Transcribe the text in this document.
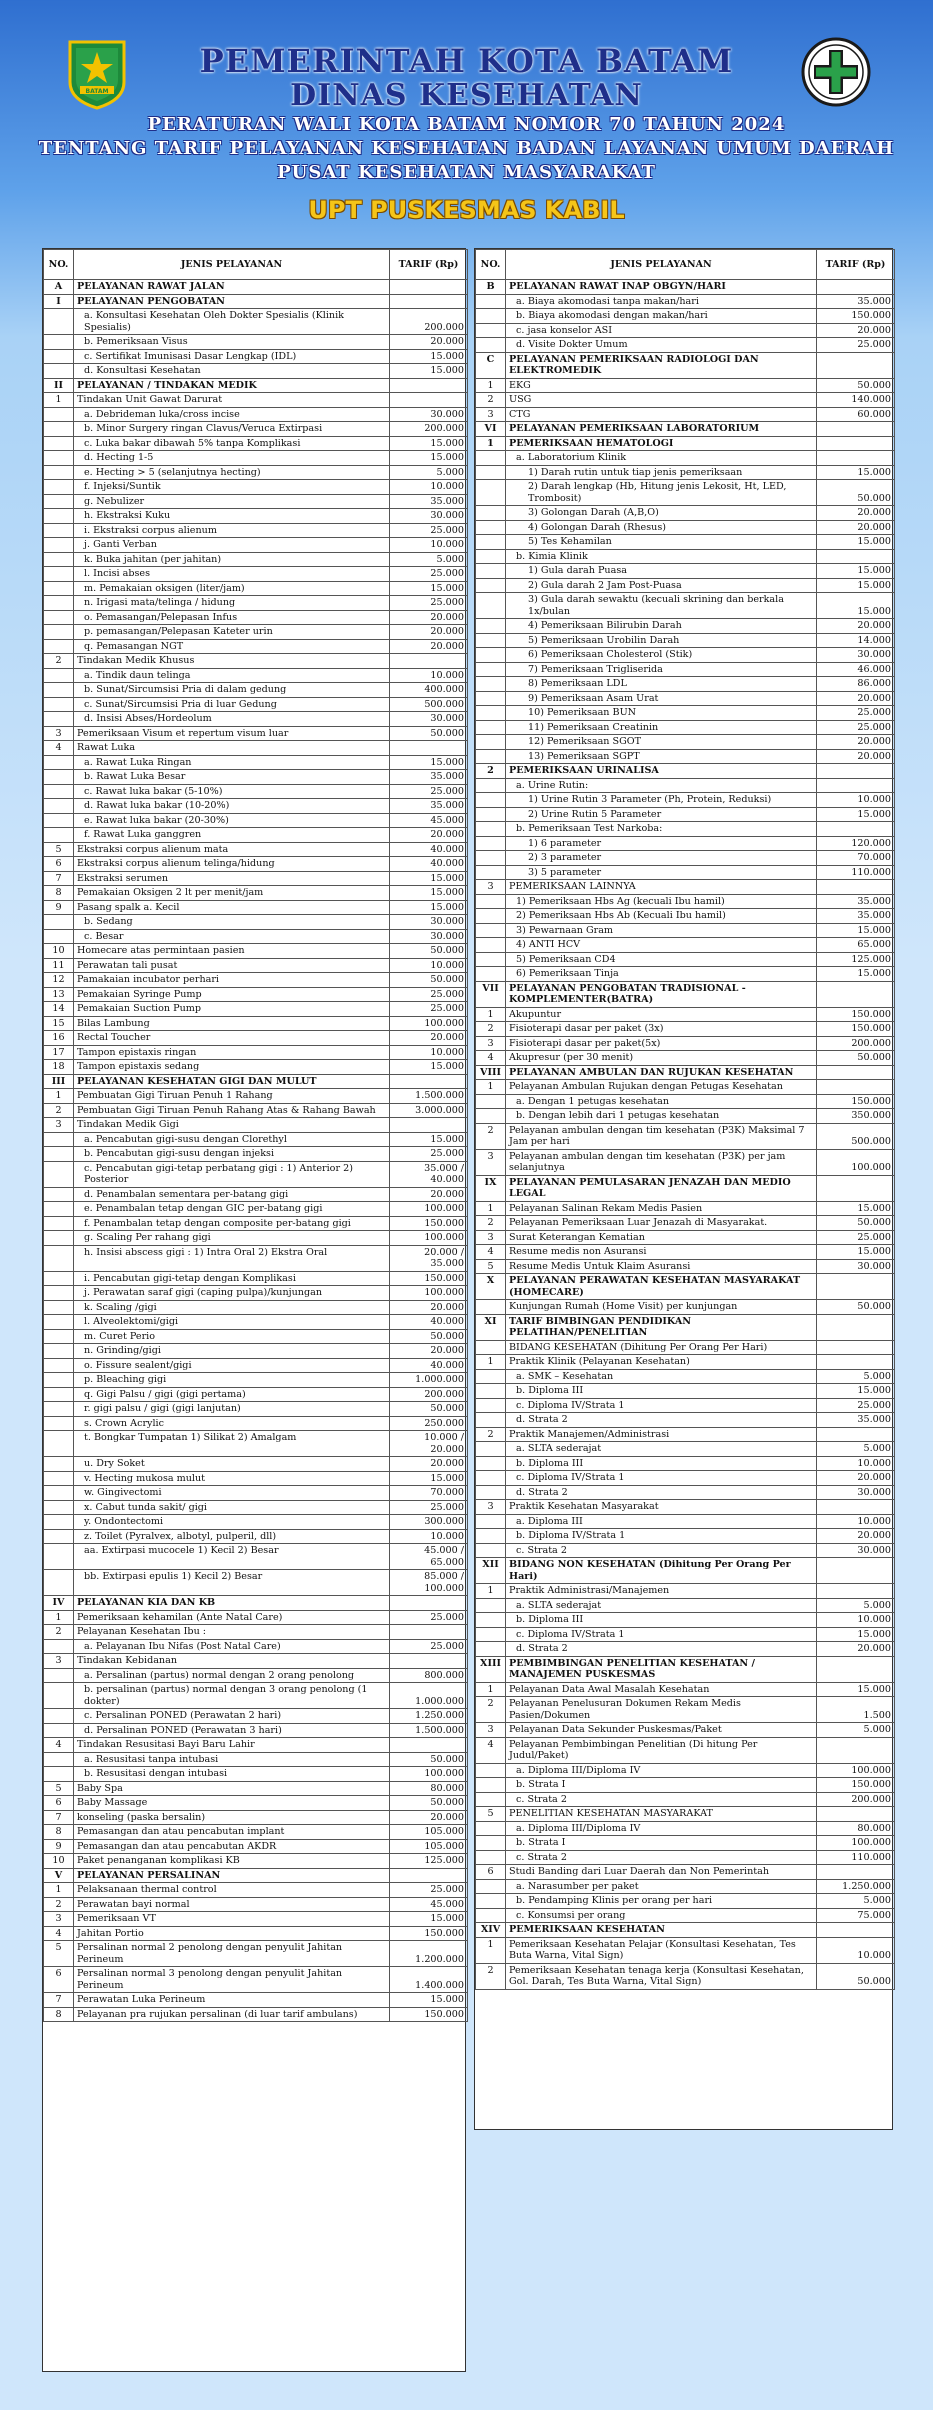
BATAM
PEMERINTAH KOTA BATAM
DINAS KESEHATAN
PERATURAN WALI KOTA BATAM NOMOR 70 TAHUN 2024
TENTANG TARIF PELAYANAN KESEHATAN BADAN LAYANAN UMUM DAERAH
PUSAT KESEHATAN MASYARAKAT
UPT PUSKESMAS KABIL
NO.	JENIS PELAYANAN	TARIF (Rp)
A	PELAYANAN RAWAT JALAN	
I	PELAYANAN PENGOBATAN	
	a. Konsultasi Kesehatan Oleh Dokter Spesialis (Klinik Spesialis)	200.000
	b. Pemeriksaan Visus	20.000
	c. Sertifikat Imunisasi Dasar Lengkap (IDL)	15.000
	d. Konsultasi Kesehatan	15.000
II	PELAYANAN / TINDAKAN MEDIK	
1	Tindakan Unit Gawat Darurat	
	a. Debrideman luka/cross incise	30.000
	b. Minor Surgery ringan Clavus/Veruca Extirpasi	200.000
	c. Luka bakar dibawah 5% tanpa Komplikasi	15.000
	d. Hecting 1-5	15.000
	e. Hecting > 5 (selanjutnya hecting)	5.000
	f. Injeksi/Suntik	10.000
	g. Nebulizer	35.000
	h. Ekstraksi Kuku	30.000
	i. Ekstraksi corpus alienum	25.000
	j. Ganti Verban	10.000
	k. Buka jahitan (per jahitan)	5.000
	l. Incisi abses	25.000
	m. Pemakaian oksigen (liter/jam)	15.000
	n. Irigasi mata/telinga / hidung	25.000
	o. Pemasangan/Pelepasan Infus	20.000
	p. pemasangan/Pelepasan Kateter urin	20.000
	q. Pemasangan NGT	20.000
2	Tindakan Medik Khusus	
	a. Tindik daun telinga	10.000
	b. Sunat/Sircumsisi Pria di dalam gedung	400.000
	c. Sunat/Sircumsisi Pria di luar Gedung	500.000
	d. Insisi Abses/Hordeolum	30.000
3	Pemeriksaan Visum et repertum visum luar	50.000
4	Rawat Luka	
	a. Rawat Luka Ringan	15.000
	b. Rawat Luka Besar	35.000
	c. Rawat luka bakar (5-10%)	25.000
	d. Rawat luka bakar (10-20%)	35.000
	e. Rawat luka bakar (20-30%)	45.000
	f. Rawat Luka ganggren	20.000
5	Ekstraksi corpus alienum mata	40.000
6	Ekstraksi corpus alienum telinga/hidung	40.000
7	Ekstraksi serumen	15.000
8	Pemakaian Oksigen 2 lt per menit/jam	15.000
9	Pasang spalk a. Kecil	15.000
	b. Sedang	30.000
	c. Besar	30.000
10	Homecare atas permintaan pasien	50.000
11	Perawatan tali pusat	10.000
12	Pamakaian incubator perhari	50.000
13	Pemakaian Syringe Pump	25.000
14	Pemakaian Suction Pump	25.000
15	Bilas Lambung	100.000
16	Rectal Toucher	20.000
17	Tampon epistaxis ringan	10.000
18	Tampon epistaxis sedang	15.000
III	PELAYANAN KESEHATAN GIGI DAN MULUT	
1	Pembuatan Gigi Tiruan Penuh 1 Rahang	1.500.000
2	Pembuatan Gigi Tiruan Penuh Rahang Atas & Rahang Bawah	3.000.000
3	Tindakan Medik Gigi	
	a. Pencabutan gigi-susu dengan Clorethyl	15.000
	b. Pencabutan gigi-susu dengan injeksi	25.000
	c. Pencabutan gigi-tetap perbatang gigi : 1) Anterior 2) Posterior	35.000 / 40.000
	d. Penambalan sementara per-batang gigi	20.000
	e. Penambalan tetap dengan GIC per-batang gigi	100.000
	f. Penambalan tetap dengan composite per-batang gigi	150.000
	g. Scaling Per rahang gigi	100.000
	h. Insisi abscess gigi : 1) Intra Oral 2) Ekstra Oral	20.000 / 35.000
	i. Pencabutan gigi-tetap dengan Komplikasi	150.000
	j. Perawatan saraf gigi (caping pulpa)/kunjungan	100.000
	k. Scaling /gigi	20.000
	l. Alveolektomi/gigi	40.000
	m. Curet Perio	50.000
	n. Grinding/gigi	20.000
	o. Fissure sealent/gigi	40.000
	p. Bleaching gigi	1.000.000
	q. Gigi Palsu / gigi (gigi pertama)	200.000
	r. gigi palsu / gigi (gigi lanjutan)	50.000
	s. Crown Acrylic	250.000
	t. Bongkar Tumpatan 1) Silikat 2) Amalgam	10.000 / 20.000
	u. Dry Soket	20.000
	v. Hecting mukosa mulut	15.000
	w. Gingivectomi	70.000
	x. Cabut tunda sakit/ gigi	25.000
	y. Ondontectomi	300.000
	z. Toilet (Pyralvex, albotyl, pulperil, dll)	10.000
	aa. Extirpasi mucocele 1) Kecil 2) Besar	45.000 / 65.000
	bb. Extirpasi epulis 1) Kecil 2) Besar	85.000 / 100.000
IV	PELAYANAN KIA DAN KB	
1	Pemeriksaan kehamilan (Ante Natal Care)	25.000
2	Pelayanan Kesehatan Ibu :	
	a. Pelayanan Ibu Nifas (Post Natal Care)	25.000
3	Tindakan Kebidanan	
	a. Persalinan (partus) normal dengan 2 orang penolong	800.000
	b. persalinan (partus) normal dengan 3 orang penolong (1 dokter)	1.000.000
	c. Persalinan PONED (Perawatan 2 hari)	1.250.000
	d. Persalinan PONED (Perawatan 3 hari)	1.500.000
4	Tindakan Resusitasi Bayi Baru Lahir	
	a. Resusitasi tanpa intubasi	50.000
	b. Resusitasi dengan intubasi	100.000
5	Baby Spa	80.000
6	Baby Massage	50.000
7	konseling (paska bersalin)	20.000
8	Pemasangan dan atau pencabutan implant	105.000
9	Pemasangan dan atau pencabutan AKDR	105.000
10	Paket penanganan komplikasi KB	125.000
V	PELAYANAN PERSALINAN	
1	Pelaksanaan thermal control	25.000
2	Perawatan bayi normal	45.000
3	Pemeriksaan VT	15.000
4	Jahitan Portio	150.000
5	Persalinan normal 2 penolong dengan penyulit Jahitan Perineum	1.200.000
6	Persalinan normal 3 penolong dengan penyulit Jahitan Perineum	1.400.000
7	Perawatan Luka Perineum	15.000
8	Pelayanan pra rujukan persalinan (di luar tarif ambulans)	150.000
NO.	JENIS PELAYANAN	TARIF (Rp)
B	PELAYANAN RAWAT INAP OBGYN/HARI	
	a. Biaya akomodasi tanpa makan/hari	35.000
	b. Biaya akomodasi dengan makan/hari	150.000
	c. jasa konselor ASI	20.000
	d. Visite Dokter Umum	25.000
C	PELAYANAN PEMERIKSAAN RADIOLOGI DAN ELEKTROMEDIK	
1	EKG	50.000
2	USG	140.000
3	CTG	60.000
VI	PELAYANAN PEMERIKSAAN LABORATORIUM	
1	PEMERIKSAAN HEMATOLOGI	
	a. Laboratorium Klinik	
	1) Darah rutin untuk tiap jenis pemeriksaan	15.000
	2) Darah lengkap (Hb, Hitung jenis Lekosit, Ht, LED, Trombosit)	50.000
	3) Golongan Darah (A,B,O)	20.000
	4) Golongan Darah (Rhesus)	20.000
	5) Tes Kehamilan	15.000
	b. Kimia Klinik	
	1) Gula darah Puasa	15.000
	2) Gula darah 2 Jam Post-Puasa	15.000
	3) Gula darah sewaktu (kecuali skrining dan berkala 1x/bulan	15.000
	4) Pemeriksaan Bilirubin Darah	20.000
	5) Pemeriksaan Urobilin Darah	14.000
	6) Pemeriksaan Cholesterol (Stik)	30.000
	7) Pemeriksaan Trigliserida	46.000
	8) Pemeriksaan LDL	86.000
	9) Pemeriksaan Asam Urat	20.000
	10) Pemeriksaan BUN	25.000
	11) Pemeriksaan Creatinin	25.000
	12) Pemeriksaan SGOT	20.000
	13) Pemeriksaan SGPT	20.000
2	PEMERIKSAAN URINALISA	
	a. Urine Rutin:	
	1) Urine Rutin 3 Parameter (Ph, Protein, Reduksi)	10.000
	2) Urine Rutin 5 Parameter	15.000
	b. Pemeriksaan Test Narkoba:	
	1) 6 parameter	120.000
	2) 3 parameter	70.000
	3) 5 parameter	110.000
3	PEMERIKSAAN LAINNYA	
	1) Pemeriksaan Hbs Ag (kecuali Ibu hamil)	35.000
	2) Pemeriksaan Hbs Ab (Kecuali Ibu hamil)	35.000
	3) Pewarnaan Gram	15.000
	4) ANTI HCV	65.000
	5) Pemeriksaan CD4	125.000
	6) Pemeriksaan Tinja	15.000
VII	PELAYANAN PENGOBATAN TRADISIONAL - KOMPLEMENTER(BATRA)	
1	Akupuntur	150.000
2	Fisioterapi dasar per paket (3x)	150.000
3	Fisioterapi dasar per paket(5x)	200.000
4	Akupresur (per 30 menit)	50.000
VIII	PELAYANAN AMBULAN DAN RUJUKAN KESEHATAN	
1	Pelayanan Ambulan Rujukan dengan Petugas Kesehatan	
	a. Dengan 1 petugas kesehatan	150.000
	b. Dengan lebih dari 1 petugas kesehatan	350.000
2	Pelayanan ambulan dengan tim kesehatan (P3K) Maksimal 7 Jam per hari	500.000
3	Pelayanan ambulan dengan tim kesehatan (P3K) per jam selanjutnya	100.000
IX	PELAYANAN PEMULASARAN JENAZAH DAN MEDIO LEGAL	
1	Pelayanan Salinan Rekam Medis Pasien	15.000
2	Pelayanan Pemeriksaan Luar Jenazah di Masyarakat.	50.000
3	Surat Keterangan Kematian	25.000
4	Resume medis non Asuransi	15.000
5	Resume Medis Untuk Klaim Asuransi	30.000
X	PELAYANAN PERAWATAN KESEHATAN MASYARAKAT (HOMECARE)	
	Kunjungan Rumah (Home Visit) per kunjungan	50.000
XI	TARIF BIMBINGAN PENDIDIKAN PELATIHAN/PENELITIAN	
	BIDANG KESEHATAN (Dihitung Per Orang Per Hari)	
1	Praktik Klinik (Pelayanan Kesehatan)	
	a. SMK – Kesehatan	5.000
	b. Diploma III	15.000
	c. Diploma IV/Strata 1	25.000
	d. Strata 2	35.000
2	Praktik Manajemen/Administrasi	
	a. SLTA sederajat	5.000
	b. Diploma III	10.000
	c. Diploma IV/Strata 1	20.000
	d. Strata 2	30.000
3	Praktik Kesehatan Masyarakat	
	a. Diploma III	10.000
	b. Diploma IV/Strata 1	20.000
	c. Strata 2	30.000
XII	BIDANG NON KESEHATAN (Dihitung Per Orang Per Hari)	
1	Praktik Administrasi/Manajemen	
	a. SLTA sederajat	5.000
	b. Diploma III	10.000
	c. Diploma IV/Strata 1	15.000
	d. Strata 2	20.000
XIII	PEMBIMBINGAN PENELITIAN KESEHATAN / MANAJEMEN PUSKESMAS	
1	Pelayanan Data Awal Masalah Kesehatan	15.000
2	Pelayanan Penelusuran Dokumen Rekam Medis Pasien/Dokumen	1.500
3	Pelayanan Data Sekunder Puskesmas/Paket	5.000
4	Pelayanan Pembimbingan Penelitian (Di hitung Per Judul/Paket)	
	a. Diploma III/Diploma IV	100.000
	b. Strata I	150.000
	c. Strata 2	200.000
5	PENELITIAN KESEHATAN MASYARAKAT	
	a. Diploma III/Diploma IV	80.000
	b. Strata I	100.000
	c. Strata 2	110.000
6	Studi Banding dari Luar Daerah dan Non Pemerintah	
	a. Narasumber per paket	1.250.000
	b. Pendamping Klinis per orang per hari	5.000
	c. Konsumsi per orang	75.000
XIV	PEMERIKSAAN KESEHATAN	
1	Pemeriksaan Kesehatan Pelajar (Konsultasi Kesehatan, Tes Buta Warna, Vital Sign)	10.000
2	Pemeriksaan Kesehatan tenaga kerja (Konsultasi Kesehatan, Gol. Darah, Tes Buta Warna, Vital Sign)	50.000
